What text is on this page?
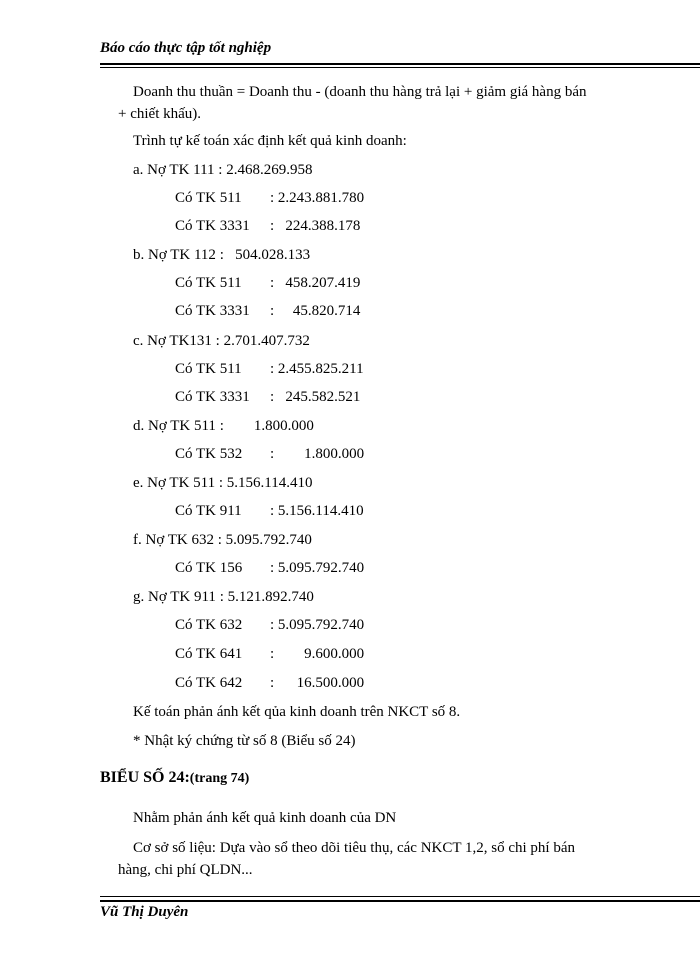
Báo cáo thực tập tốt nghiệp
Doanh thu thuần = Doanh thu - (doanh thu hàng trả lại + giảm giá hàng bán
+ chiết khấu).
Trình tự kế toán xác định kết quả kinh doanh:
a. Nợ TK 111 : 2.468.269.958
Có TK 511 : 2.243.881.780
Có TK 3331 :   224.388.178
b. Nợ TK 112 :   504.028.133
Có TK 511 :   458.207.419
Có TK 3331 :     45.820.714
c. Nợ TK131 : 2.701.407.732
Có TK 511 : 2.455.825.211
Có TK 3331 :   245.582.521
d. Nợ TK 511 :        1.800.000
Có TK 532 :        1.800.000
e. Nợ TK 511 : 5.156.114.410
Có TK 911 : 5.156.114.410
f. Nợ TK 632 : 5.095.792.740
Có TK 156 : 5.095.792.740
g. Nợ TK 911 : 5.121.892.740
Có TK 632 : 5.095.792.740
Có TK 641 :        9.600.000
Có TK 642 :      16.500.000
Kế toán phản ánh kết qủa kinh doanh trên NKCT số 8.
* Nhật ký chứng từ số 8 (Biểu số 24)
BIỂU SỐ 24:(trang 74)
Nhằm phản ánh kết quả kinh doanh của DN
Cơ sở số liệu: Dựa vào sổ theo dõi tiêu thụ, các NKCT 1,2, sổ chi phí bán
hàng, chi phí QLDN...
Vũ Thị Duyên
